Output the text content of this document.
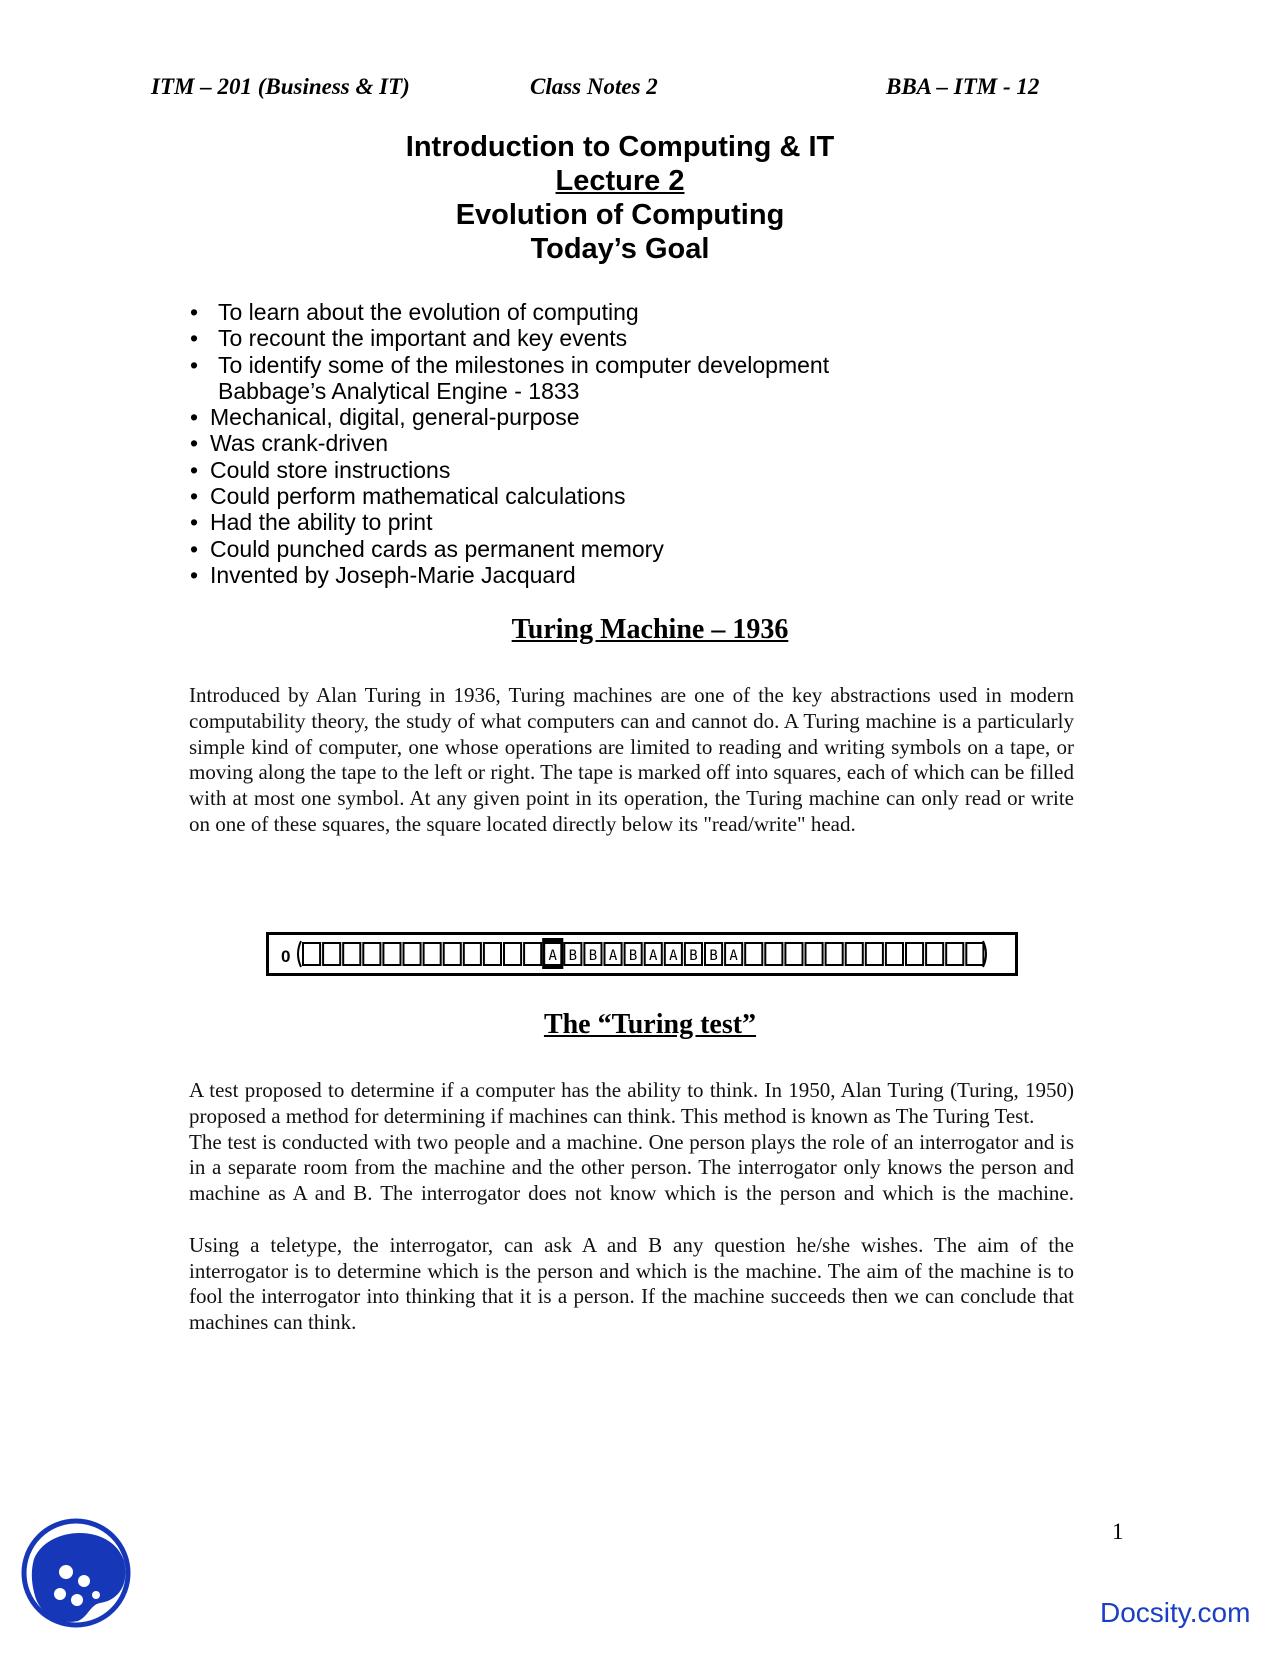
ITM – 201 (Business & IT)	Class Notes 2	BBA – ITM - 12
Introduction to Computing & IT
Lecture 2
Evolution of Computing
Today’s Goal
• To learn about the evolution of computing
• To recount the important and key events
• To identify some of the milestones in computer development
Babbage’s Analytical Engine - 1833
• Mechanical, digital, general-purpose
• Was crank-driven
• Could store instructions
• Could perform mathematical calculations
• Had the ability to print
• Could punched cards as permanent memory
• Invented by Joseph-Marie Jacquard
Turing Machine – 1936

Introduced by Alan Turing in 1936, Turing machines are one of the key abstractions used in modern computability theory, the study of what computers can and cannot do. A Turing machine is a particularly simple kind of computer, one whose operations are limited to reading and writing symbols on a tape, or moving along the tape to the left or right. The tape is marked off into squares, each of which can be filled with at most one symbol. At any given point in its operation, the Turing machine can only read or write on one of these squares, the square located directly below its "read/write" head.

0	A B B A B A A B B A
The “Turing test”

A test proposed to determine if a computer has the ability to think. In 1950, Alan Turing (Turing, 1950) proposed a method for determining if machines can think. This method is known as The Turing Test.

The test is conducted with two people and a machine. One person plays the role of an interrogator and is in a separate room from the machine and the other person. The interrogator only knows the person and machine as A and B. The interrogator does not know which is the person and which is the machine.

Using a teletype, the interrogator, can ask A and B any question he/she wishes. The aim of the interrogator is to determine which is the person and which is the machine. The aim of the machine is to fool the interrogator into thinking that it is a person. If the machine succeeds then we can conclude that machines can think.

1
Docsity.com
